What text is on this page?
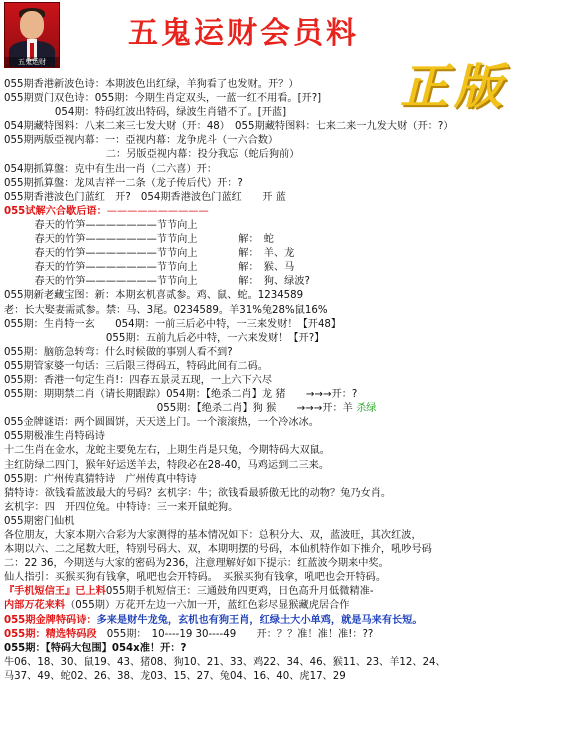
五鬼运财
五鬼运财会员料
正版
055期香港新波色诗：本期波色出红绿，羊狗看了也发财。开？）
055期贾门双色诗：055期：今期生肖定双头，一蓝一红不用看。[开?]
　　　　　054期：特码红波出特码，绿波生肖错不了。[开蓝]
054期藏特图料：八来二来三七发大财（开：48）　055期藏特图料：七来二来一九发大财（开：?）
055期两版亞视内幕：一：亞视内幕：龙争虎斗（一六合数）
　　　　　　　　　　二：另版亞视内幕：投分我忘（蛇后狗前）
054期抓算盤：克中有生出一肖（二六喜）开：
055期抓算盤：龙凤吉祥一二条（龙子传后代）开：?
055期香港波色门蓝红　开?　054期香港波色门蓝红　　开 蓝
055试解六合歇后语：——————————
　　　春天的竹笋———————节节向上
　　　春天的竹笋———————节节向上　　　　解：　蛇
　　　春天的竹笋———————节节向上　　　　解：　羊、龙
　　　春天的竹笋———————节节向上　　　　解：　猴、马
　　　春天的竹笋———————节节向上　　　　解：　狗、绿波?
055期新老藏宝图：新：本期玄机喜贰参。鸡、鼠、蛇。1234589
老：长大娶妻需贰参。禁：马、3尾。0234589。羊31%兔28%鼠16%
055期：生肖特一玄　　054期：一前三后必中特，一三来发财！【开48】
　　　　　　　　　　055期：五前九后必中特，一六来发财！【开?】
055期：脑筋急转弯：什么时候做的事别人看不到?
055期管家婆一句话：三后限三得码五，特码此间有二码。
055期：香港一句定生肖!：四春五景灵五现，一上六下六尽
055期：期期禁二肖（请长期跟踪）054期：【绝杀二肖】龙 猪　　→→→开：?
　　　　　　　　　　　　　　　055期：【绝杀二肖】狗 猴　　→→→开：羊 杀绿
055金牌谜语：两个圆圆饼，天天送上门。一个滚滚热，一个冷冰冰。
055期极准生肖特码诗
十二生肖在金水，龙蛇主要免左右，上期生肖是只兔，今期特码大双鼠。
主红防绿二四门，猴年好运送羊去，特段必在28-40，马鸡运到二三来。
055期：广州传真猜特诗　广州传真中特诗
猜特诗：欲钱看蓝波最大的号码？玄机字：牛；欲钱看最骄傲无比的动物？兔乃女肖。
玄机字：四　开四位兔。中特诗：三一来开鼠蛇狗。
055期密门仙机
各位朋友，大家本期六合彩为大家测得的基本情况如下：总积分大、双，蓝波旺，其次红波，
本期以六、二之尾数大旺，特别号码大、双，本期明摆的号码，本仙机特作如下推介，吼吵号码
二：22 36，今期送与大家的密码为236，注意理解好如下提示：红蓝波今期来中奖。
仙人指引：买猴买狗有钱拿，吼吧也会开特码。　买猴买狗有钱拿，吼吧也会开特码。
『手机短信王』已上料055期手机短信王：三通鼓角四更鸡，日色高升月低微精准-
内部万花来料（055期）万花开左边一六加一开，蓝红色彩尽显猴藏虎居合作
055期金牌特码诗：多来是财牛龙兔，玄机也有狗王肖，红绿土大小单鸡，就是马来有长短。
055期：精选特码段　055期：　10----19 30----49　　开：？？准！准！准!：??
055期：【特码大包围】054x准！开：?
牛06、18、30、鼠19、43、猪08、狗10、21、33、鸡22、34、46、猴11、23、羊12、24、
马37、49、蛇02、26、38、龙03、15、27、兔04、16、40、虎17、29
